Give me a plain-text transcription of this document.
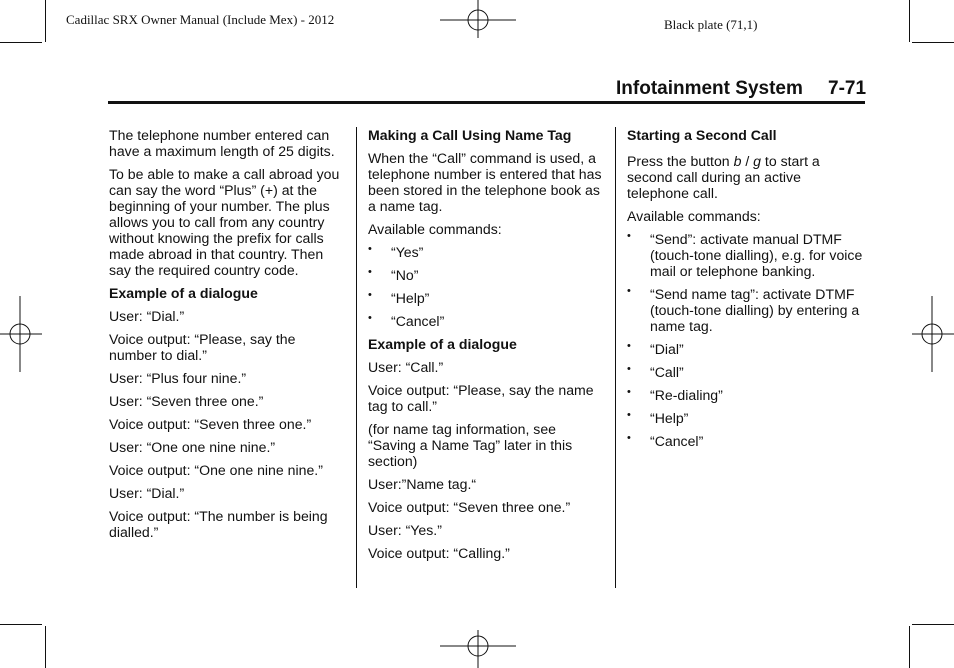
Cadillac SRX Owner Manual (Include Mex) - 2012	Black plate (71,1)
Infotainment System 7-71

The telephone number entered can have a maximum length of 25 digits.

To be able to make a call abroad you can say the word “Plus” (+) at the beginning of your number. The plus allows you to call from any country without knowing the prefix for calls made abroad in that country. Then say the required country code.

Example of a dialogue

User: “Dial.”

Voice output: “Please, say the number to dial.”

User: “Plus four nine.”

User: “Seven three one.”

Voice output: “Seven three one.”

User: “One one nine nine.”

Voice output: “One one nine nine.”

User: “Dial.”

Voice output: “The number is being dialled.”

Making a Call Using Name Tag

When the “Call” command is used, a telephone number is entered that has been stored in the telephone book as a name tag.

Available commands:

• “Yes”
• “No”
• “Help”
• “Cancel”
Example of a dialogue

User: “Call.”

Voice output: “Please, say the name tag to call.”

(for name tag information, see “Saving a Name Tag” later in this section)

User:”Name tag.“

Voice output: “Seven three one.”

User: “Yes.”

Voice output: “Calling.”

Starting a Second Call

Press the button b / g to start a second call during an active telephone call.

Available commands:

• “Send”: activate manual DTMF (touch-tone dialling), e.g. for voice mail or telephone banking.
• “Send name tag”: activate DTMF (touch-tone dialling) by entering a name tag.
• “Dial”
• “Call”
• “Re-dialing”
• “Help”
• “Cancel”
